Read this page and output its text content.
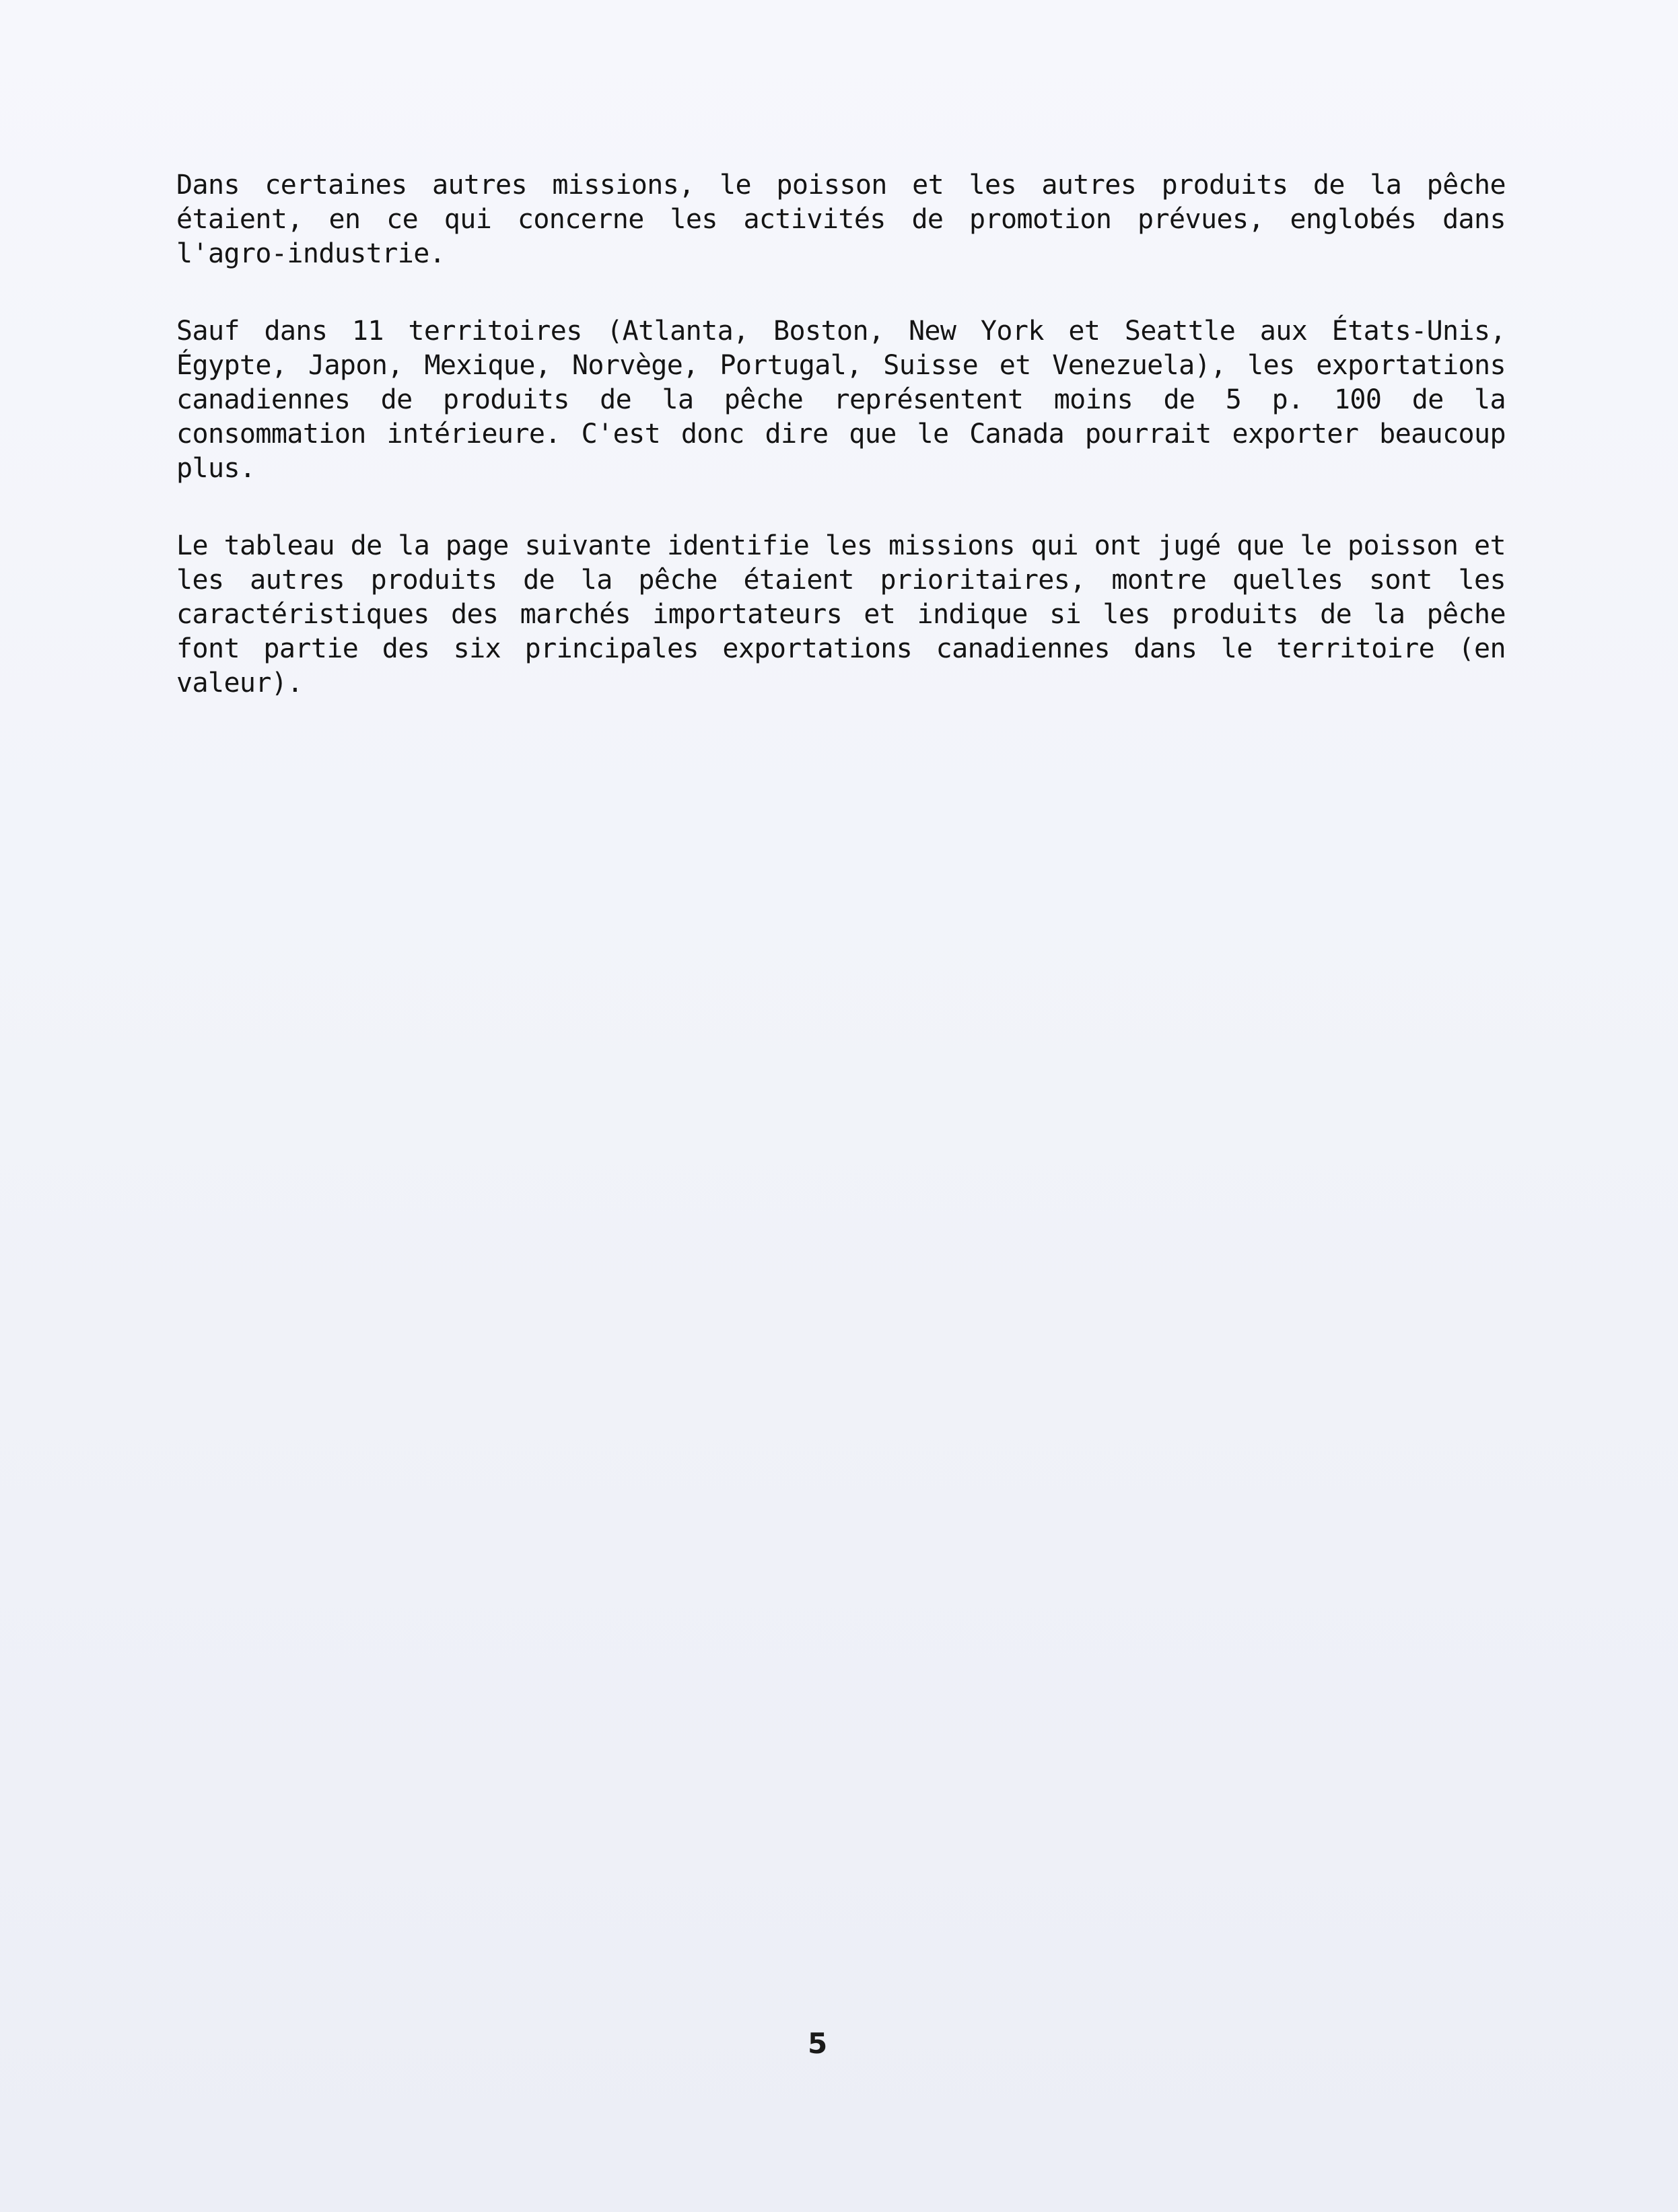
Dans certaines autres missions, le poisson et les autres produits de la pêche étaient, en ce qui concerne les activités de promotion prévues, englobés dans l'agro-industrie.

Sauf dans 11 territoires (Atlanta, Boston, New York et Seattle aux États-Unis, Égypte, Japon, Mexique, Norvège, Portugal, Suisse et Venezuela), les exportations canadiennes de produits de la pêche représentent moins de 5 p. 100 de la consommation intérieure. C'est donc dire que le Canada pourrait exporter beaucoup plus.

Le tableau de la page suivante identifie les missions qui ont jugé que le poisson et les autres produits de la pêche étaient prioritaires, montre quelles sont les caractéristiques des marchés importateurs et indique si les produits de la pêche font partie des six principales exportations canadiennes dans le territoire (en valeur).

5
